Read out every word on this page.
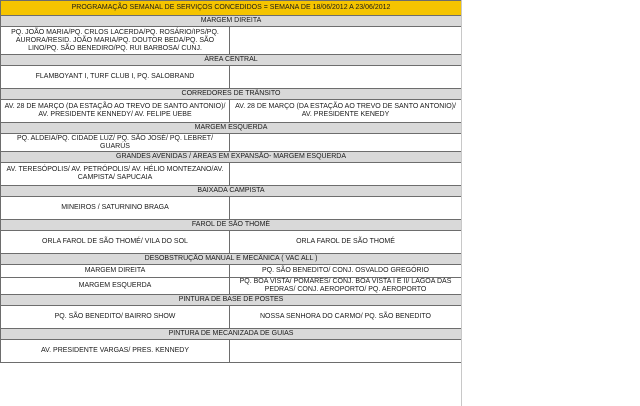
PROGRAMAÇÃO SEMANAL DE SERVIÇOS CONCEDIDOS = SEMANA DE 18/06/2012 A 23/06/2012	
MARGEM DIREITA	
PQ. JOÃO MARIA/PQ. CRLOS LACERDA/PQ. ROSÁRIO/IPS/PQ. AURORA/RESID. JOÃO MARIA/PQ. DOUTOR BEDA/PQ. SÃO LINO/PQ. SÃO BENEDIRO/PQ. RUI BARBOSA/ CUNJ.	
ÁREA CENTRAL	
FLAMBOYANT I, TURF CLUB I, PQ. SALOBRAND	
CORREDORES DE TRÂNSITO	
AV. 28 DE MARÇO (DA ESTAÇÃO AO TREVO DE SANTO ANTONIO)/ AV. PRESIDENTE KENNEDY/ AV. FELIPE UEBE	AV. 28 DE MARÇO (DA ESTAÇÃO AO TREVO DE SANTO ANTONIO)/ AV. PRESIDENTE KENEDY
MARGEM ESQUERDA	
PQ. ALDEIA/PQ. CIDADE LUZ/ PQ. SÃO JOSÉ/ PQ. LEBRET/ GUARÚS	
GRANDES AVENIDAS / ÁREAS EM EXPANSÃO- MARGEM ESQUERDA	
AV. TERESÓPOLIS/ AV. PETRÓPOLIS/ AV. HÉLIO MONTEZANO/AV. CAMPISTA/ SAPUCAIA	
BAIXADA CAMPISTA	
MINEIROS / SATURNINO BRAGA	
FAROL DE SÃO THOMÉ	
ORLA FAROL DE SÃO THOMÉ/ VILA DO SOL	ORLA FAROL DE SÃO THOMÉ
DESOBSTRUÇÃO MANUAL E MECÂNICA ( VAC ALL )	
MARGEM DIREITA	PQ. SÃO BENEDITO/ CONJ. OSVALDO GREGÓRIO
MARGEM ESQUERDA	PQ. BOA VISTA/ POMARES/ CONJ. BOA VISTA I E II/ LAGOA DAS PEDRAS/ CONJ. AEROPORTO/ PQ. AEROPORTO
PINTURA DE BASE DE POSTES	
PQ. SÃO BENEDITO/ BAIRRO SHOW	NOSSA SENHORA DO CARMO/ PQ. SÃO BENEDITO
PINTURA DE MECANIZADA DE GUIAS	
AV. PRESIDENTE VARGAS/ PRES. KENNEDY	
